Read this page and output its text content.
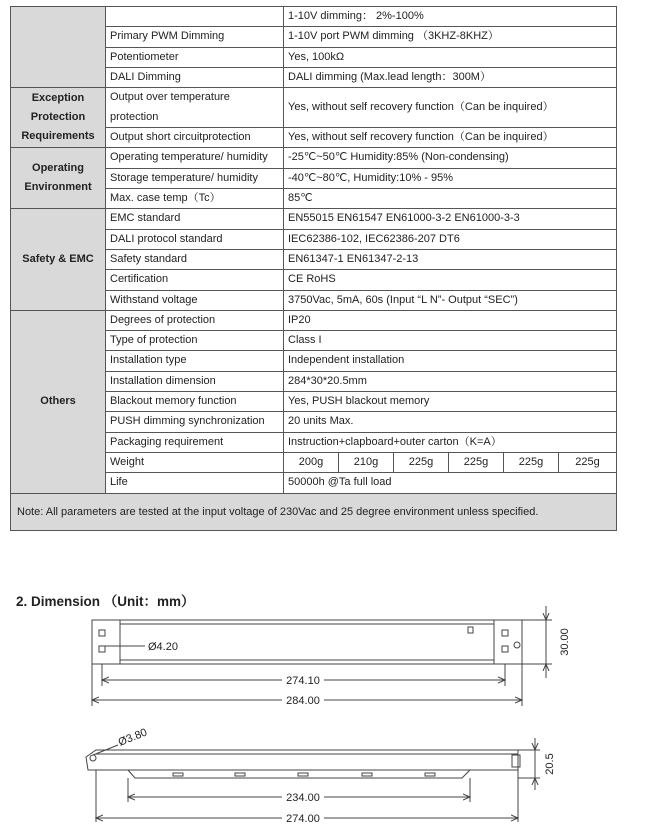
		1-10V dimming： 2%-100%					
	Primary PWM Dimming	1-10V port PWM dimming （3KHZ-8KHZ）					
	Potentiometer	Yes, 100kΩ					
	DALI Dimming	DALI dimming (Max.lead length：300M）					
Exception Protection Requirements	Output over temperature protection	Yes, without self recovery function（Can be inquired）					
	Output short circuitprotection	Yes, without self recovery function（Can be inquired）					
Operating Environment	Operating temperature/ humidity	-25℃~50℃ Humidity:85% (Non-condensing)					
	Storage temperature/ humidity	-40℃~80℃, Humidity:10% - 95%					
	Max. case temp（Tc）	85℃					
Safety & EMC	EMC standard	EN55015 EN61547 EN61000-3-2 EN61000-3-3					
	DALI protocol standard	IEC62386-102, IEC62386-207 DT6					
	Safety standard	EN61347-1 EN61347-2-13					
	Certification	CE RoHS					
	Withstand voltage	3750Vac, 5mA, 60s (Input “L N”- Output “SEC”)					
Others	Degrees of protection	IP20					
	Type of protection	Class I					
	Installation type	Independent installation					
	Installation dimension	284*30*20.5mm					
	Blackout memory function	Yes, PUSH blackout memory					
	PUSH dimming synchronization	20 units Max.					
	Packaging requirement	Instruction+clapboard+outer carton（K=A）					
	Weight	200g	210g	225g	225g	225g	225g
	Life	50000h @Ta full load					
Note: All parameters are tested at the input voltage of 230Vac and 25 degree environment unless specified.							
2. Dimension （Unit：mm）
Ø4.20
274.10
284.00
30.00
Ø3.80
20.5
234.00
274.00
